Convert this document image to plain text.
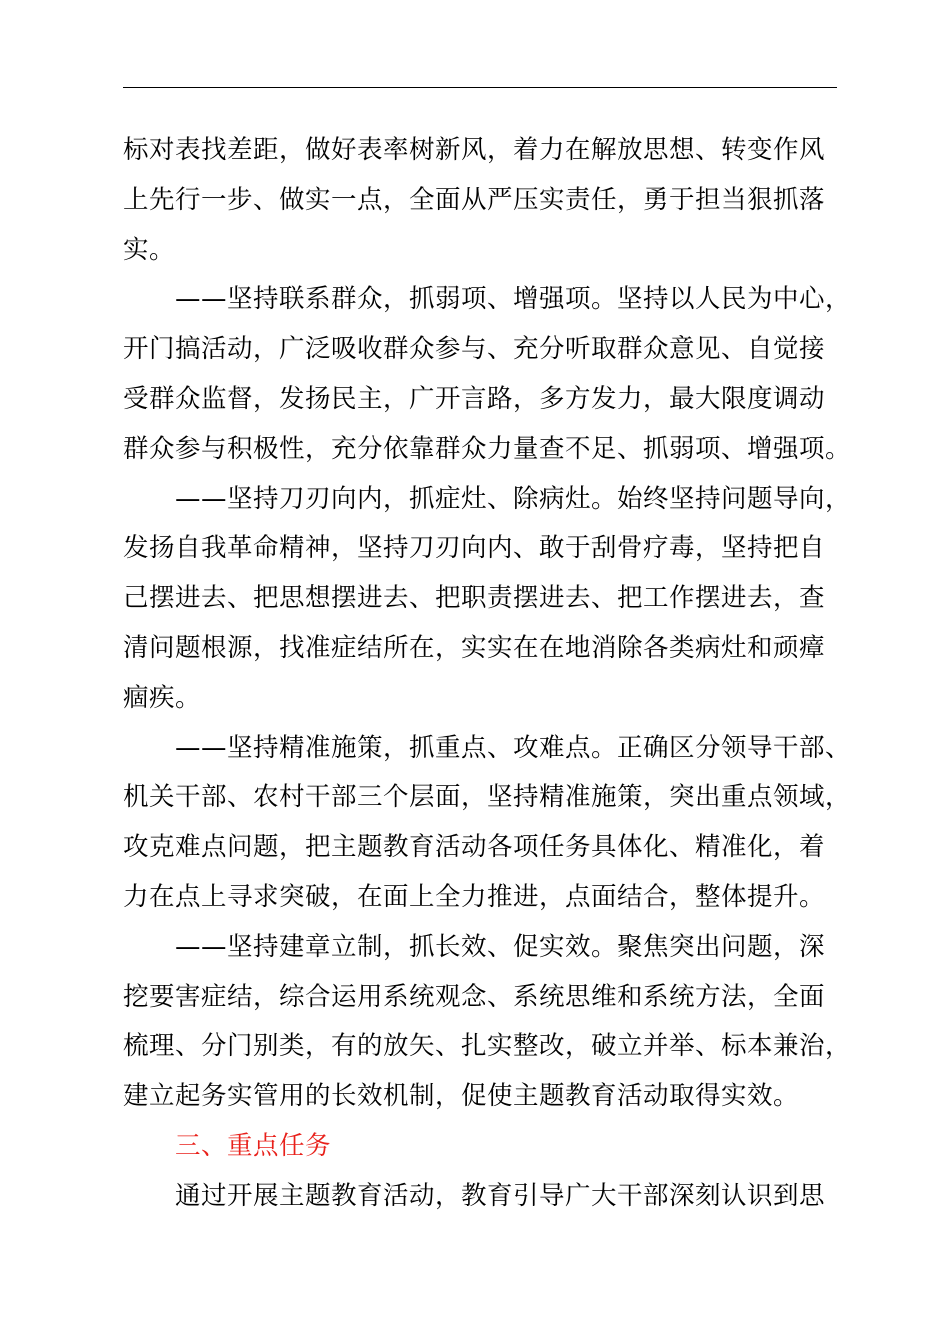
标对表找差距，做好表率树新风，着力在解放思想、转变作风
上先行一步、做实一点，全面从严压实责任，勇于担当狠抓落
实。
——坚持联系群众，抓弱项、增强项。坚持以人民为中心，
开门搞活动，广泛吸收群众参与、充分听取群众意见、自觉接
受群众监督，发扬民主，广开言路，多方发力，最大限度调动
群众参与积极性，充分依靠群众力量查不足、抓弱项、增强项。
——坚持刀刃向内，抓症灶、除病灶。始终坚持问题导向，
发扬自我革命精神，坚持刀刃向内、敢于刮骨疗毒，坚持把自
己摆进去、把思想摆进去、把职责摆进去、把工作摆进去，查
清问题根源，找准症结所在，实实在在地消除各类病灶和顽瘴
痼疾。
——坚持精准施策，抓重点、攻难点。正确区分领导干部、
机关干部、农村干部三个层面，坚持精准施策，突出重点领域，
攻克难点问题，把主题教育活动各项任务具体化、精准化，着
力在点上寻求突破，在面上全力推进，点面结合，整体提升。
——坚持建章立制，抓长效、促实效。聚焦突出问题，深
挖要害症结，综合运用系统观念、系统思维和系统方法，全面
梳理、分门别类，有的放矢、扎实整改，破立并举、标本兼治，
建立起务实管用的长效机制，促使主题教育活动取得实效。
三、重点任务
通过开展主题教育活动，教育引导广大干部深刻认识到思
